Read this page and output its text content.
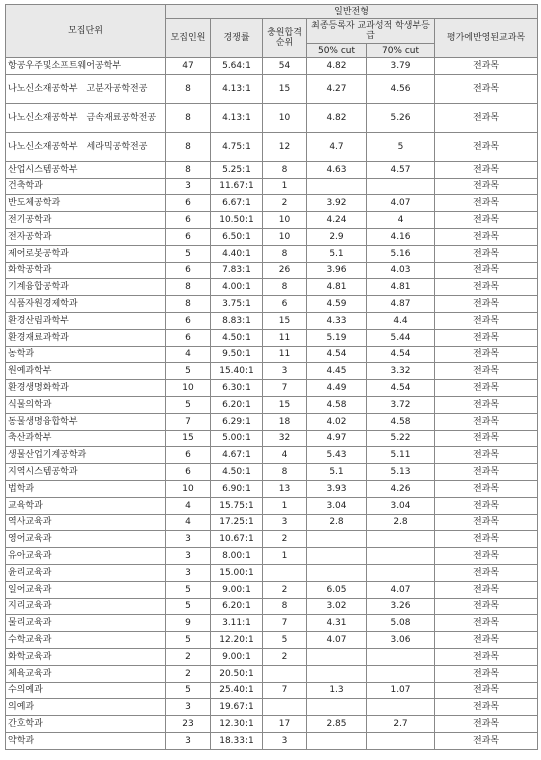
모집단위	일반전형					
	모집인원	경쟁률	충원합격순위	최종등록자 교과성적 학생부등급		평가에반영된교과목
				50% cut	70% cut	
항공우주및소프트웨어공학부	47	5.64:1	54	4.82	3.79	전과목
나노신소재공학부　고분자공학전공	8	4.13:1	15	4.27	4.56	전과목
나노신소재공학부　금속재료공학전공	8	4.13:1	10	4.82	5.26	전과목
나노신소재공학부　세라믹공학전공	8	4.75:1	12	4.7	5	전과목
산업시스템공학부	8	5.25:1	8	4.63	4.57	전과목
건축학과	3	11.67:1	1			전과목
반도체공학과	6	6.67:1	2	3.92	4.07	전과목
전기공학과	6	10.50:1	10	4.24	4	전과목
전자공학과	6	6.50:1	10	2.9	4.16	전과목
제어로봇공학과	5	4.40:1	8	5.1	5.16	전과목
화학공학과	6	7.83:1	26	3.96	4.03	전과목
기계융합공학과	8	4.00:1	8	4.81	4.81	전과목
식품자원경제학과	8	3.75:1	6	4.59	4.87	전과목
환경산림과학부	6	8.83:1	15	4.33	4.4	전과목
환경재료과학과	6	4.50:1	11	5.19	5.44	전과목
농학과	4	9.50:1	11	4.54	4.54	전과목
원예과학부	5	15.40:1	3	4.45	3.32	전과목
환경생명화학과	10	6.30:1	7	4.49	4.54	전과목
식물의학과	5	6.20:1	15	4.58	3.72	전과목
동물생명융합학부	7	6.29:1	18	4.02	4.58	전과목
축산과학부	15	5.00:1	32	4.97	5.22	전과목
생물산업기계공학과	6	4.67:1	4	5.43	5.11	전과목
지역시스템공학과	6	4.50:1	8	5.1	5.13	전과목
법학과	10	6.90:1	13	3.93	4.26	전과목
교육학과	4	15.75:1	1	3.04	3.04	전과목
역사교육과	4	17.25:1	3	2.8	2.8	전과목
영어교육과	3	10.67:1	2			전과목
유아교육과	3	8.00:1	1			전과목
윤리교육과	3	15.00:1				전과목
일어교육과	5	9.00:1	2	6.05	4.07	전과목
지리교육과	5	6.20:1	8	3.02	3.26	전과목
물리교육과	9	3.11:1	7	4.31	5.08	전과목
수학교육과	5	12.20:1	5	4.07	3.06	전과목
화학교육과	2	9.00:1	2			전과목
체육교육과	2	20.50:1				전과목
수의예과	5	25.40:1	7	1.3	1.07	전과목
의예과	3	19.67:1				전과목
간호학과	23	12.30:1	17	2.85	2.7	전과목
약학과	3	18.33:1	3			전과목
